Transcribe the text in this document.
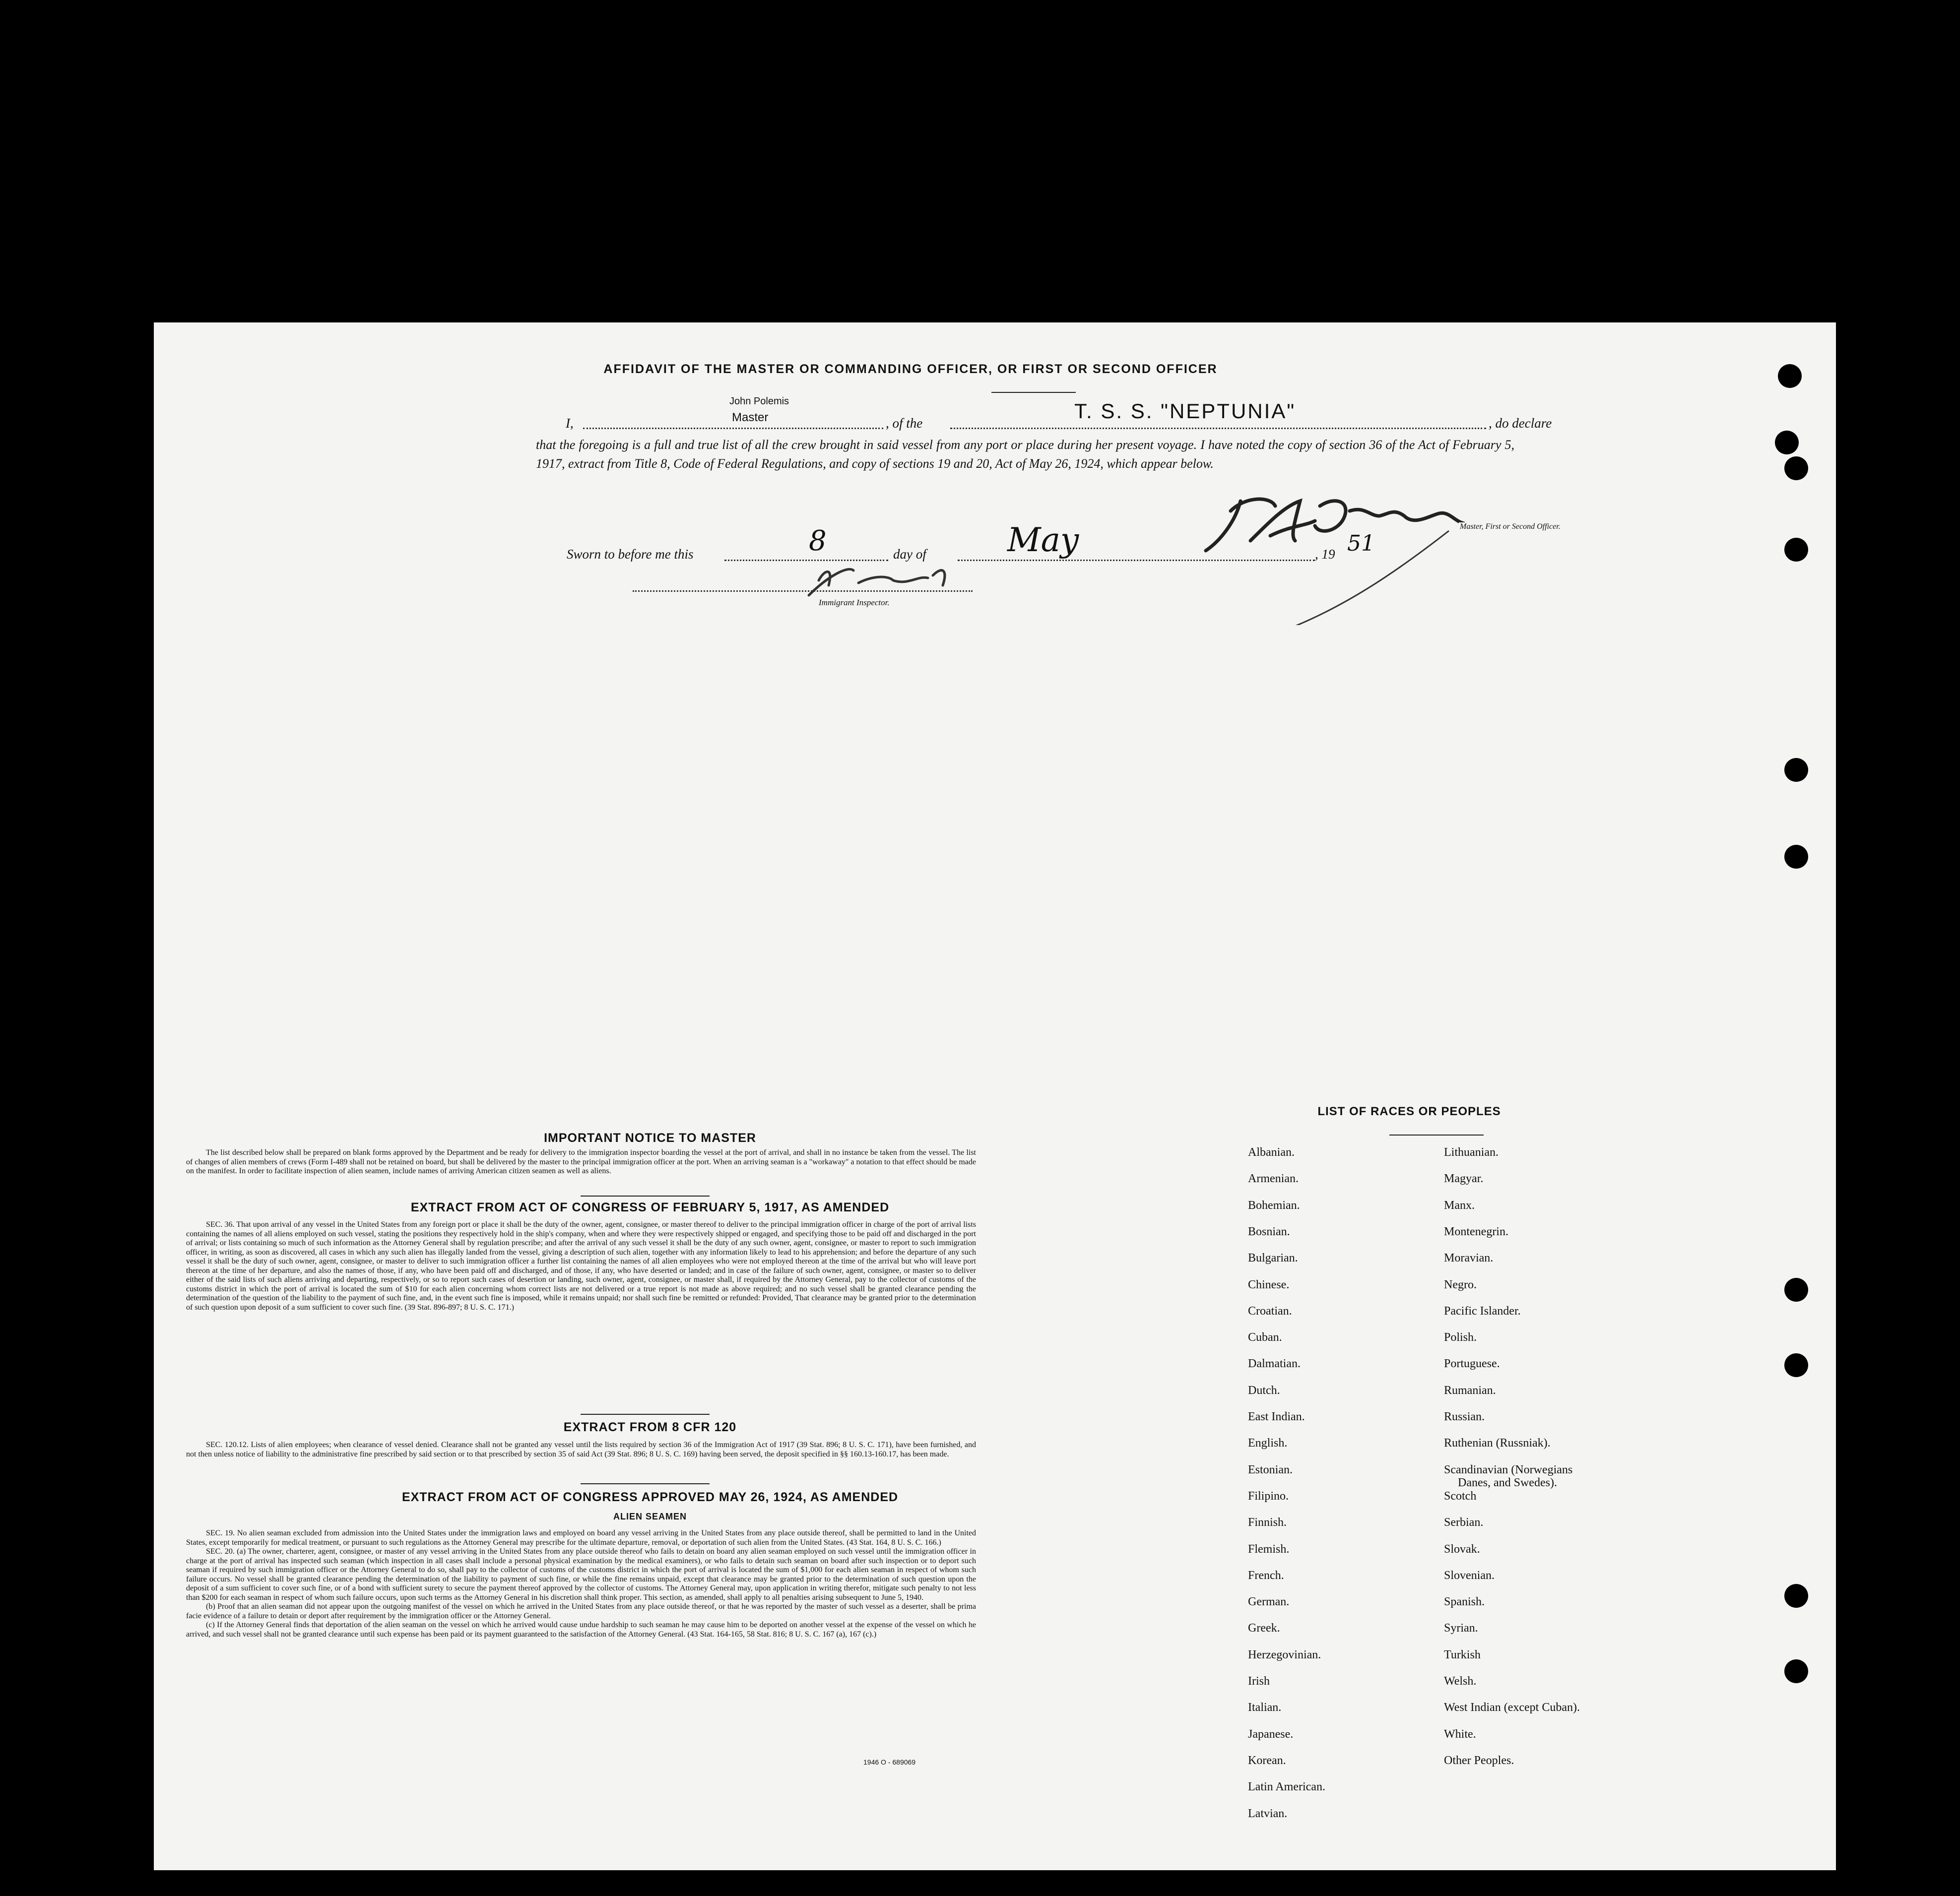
AFFIDAVIT OF THE MASTER OR COMMANDING OFFICER, OR FIRST OR SECOND OFFICER
I,
John Polemis
Master	, of the
T. S. S. "NEPTUNIA"
, do declare
that the foregoing is a full and true list of all the crew brought in said vessel from any port or place during her present voyage. I have noted the copy of section 36 of the Act of February 5, 1917, extract from Title 8, Code of Federal Regulations, and copy of sections 19 and 20, Act of May 26, 1924, which appear below.
Master, First or Second Officer.
Sworn to before me this	8	day of May	, 19 51
Immigrant Inspector.
IMPORTANT NOTICE TO MASTER
The list described below shall be prepared on blank forms approved by the Department and be ready for delivery to the immigration inspector boarding the vessel at the port of arrival, and shall in no instance be taken from the vessel. The list of changes of alien members of crews (Form I-489 shall not be retained on board, but shall be delivered by the master to the principal immigration officer at the port. When an arriving seaman is a "workaway" a notation to that effect should be made on the manifest. In order to facilitate inspection of alien seamen, include names of arriving American citizen seamen as well as aliens.
EXTRACT FROM ACT OF CONGRESS OF FEBRUARY 5, 1917, AS AMENDED
SEC. 36. That upon arrival of any vessel in the United States from any foreign port or place it shall be the duty of the owner, agent, consignee, or master thereof to deliver to the principal immigration officer in charge of the port of arrival lists containing the names of all aliens employed on such vessel, stating the positions they respectively hold in the ship's company, when and where they were respectively shipped or engaged, and specifying those to be paid off and discharged in the port of arrival; or lists containing so much of such information as the Attorney General shall by regulation prescribe; and after the arrival of any such vessel it shall be the duty of any such owner, agent, consignee, or master to report to such immigration officer, in writing, as soon as discovered, all cases in which any such alien has illegally landed from the vessel, giving a description of such alien, together with any information likely to lead to his apprehension; and before the departure of any such vessel it shall be the duty of such owner, agent, consignee, or master to deliver to such immigration officer a further list containing the names of all alien employees who were not employed thereon at the time of the arrival but who will leave port thereon at the time of her departure, and also the names of those, if any, who have been paid off and discharged, and of those, if any, who have deserted or landed; and in case of the failure of such owner, agent, consignee, or master so to deliver either of the said lists of such aliens arriving and departing, respectively, or so to report such cases of desertion or landing, such owner, agent, consignee, or master shall, if required by the Attorney General, pay to the collector of customs of the customs district in which the port of arrival is located the sum of $10 for each alien concerning whom correct lists are not delivered or a true report is not made as above required; and no such vessel shall be granted clearance pending the determination of the question of the liability to the payment of such fine, and, in the event such fine is imposed, while it remains unpaid; nor shall such fine be remitted or refunded: Provided, That clearance may be granted prior to the determination of such question upon deposit of a sum sufficient to cover such fine. (39 Stat. 896-897; 8 U. S. C. 171.)
EXTRACT FROM 8 CFR 120
SEC. 120.12. Lists of alien employees; when clearance of vessel denied. Clearance shall not be granted any vessel until the lists required by section 36 of the Immigration Act of 1917 (39 Stat. 896; 8 U. S. C. 171), have been furnished, and not then unless notice of liability to the administrative fine prescribed by said section or to that prescribed by section 35 of said Act (39 Stat. 896; 8 U. S. C. 169) having been served, the deposit specified in §§ 160.13-160.17, has been made.
EXTRACT FROM ACT OF CONGRESS APPROVED MAY 26, 1924, AS AMENDED
ALIEN SEAMEN
SEC. 19. No alien seaman excluded from admission into the United States under the immigration laws and employed on board any vessel arriving in the United States from any place outside thereof, shall be permitted to land in the United States, except temporarily for medical treatment, or pursuant to such regulations as the Attorney General may prescribe for the ultimate departure, removal, or deportation of such alien from the United States. (43 Stat. 164, 8 U. S. C. 166.)
SEC. 20. (a) The owner, charterer, agent, consignee, or master of any vessel arriving in the United States from any place outside thereof who fails to detain on board any alien seaman employed on such vessel until the immigration officer in charge at the port of arrival has inspected such seaman (which inspection in all cases shall include a personal physical examination by the medical examiners), or who fails to detain such seaman on board after such inspection or to deport such seaman if required by such immigration officer or the Attorney General to do so, shall pay to the collector of customs of the customs district in which the port of arrival is located the sum of $1,000 for each alien seaman in respect of whom such failure occurs. No vessel shall be granted clearance pending the determination of the liability to payment of such fine, or while the fine remains unpaid, except that clearance may be granted prior to the determination of such question upon the deposit of a sum sufficient to cover such fine, or of a bond with sufficient surety to secure the payment thereof approved by the collector of customs. The Attorney General may, upon application in writing therefor, mitigate such penalty to not less than $200 for each seaman in respect of whom such failure occurs, upon such terms as the Attorney General in his discretion shall think proper. This section, as amended, shall apply to all penalties arising subsequent to June 5, 1940.
(b) Proof that an alien seaman did not appear upon the outgoing manifest of the vessel on which he arrived in the United States from any place outside thereof, or that he was reported by the master of such vessel as a deserter, shall be prima facie evidence of a failure to detain or deport after requirement by the immigration officer or the Attorney General.
(c) If the Attorney General finds that deportation of the alien seaman on the vessel on which he arrived would cause undue hardship to such seaman he may cause him to be deported on another vessel at the expense of the vessel on which he arrived, and such vessel shall not be granted clearance until such expense has been paid or its payment guaranteed to the satisfaction of the Attorney General. (43 Stat. 164-165, 58 Stat. 816; 8 U. S. C. 167 (a), 167 (c).)
1946 O - 689069
LIST OF RACES OR PEOPLES
Albanian.
Armenian.
Bohemian.
Bosnian.
Bulgarian.
Chinese.
Croatian.
Cuban.
Dalmatian.
Dutch.
East Indian.
English.
Estonian.
Filipino.
Finnish.
Flemish.
French.
German.
Greek.
Herzegovinian.
Irish
Italian.
Japanese.
Korean.
Latin American.
Latvian.
Lithuanian.
Magyar.
Manx.
Montenegrin.
Moravian.
Negro.
Pacific Islander.
Polish.
Portuguese.
Rumanian.
Russian.
Ruthenian (Russniak).
Scandinavian (Norwegians
Danes, and Swedes).
Scotch
Serbian.
Slovak.
Slovenian.
Spanish.
Syrian.
Turkish
Welsh.
West Indian (except Cuban).
White.
Other Peoples.
